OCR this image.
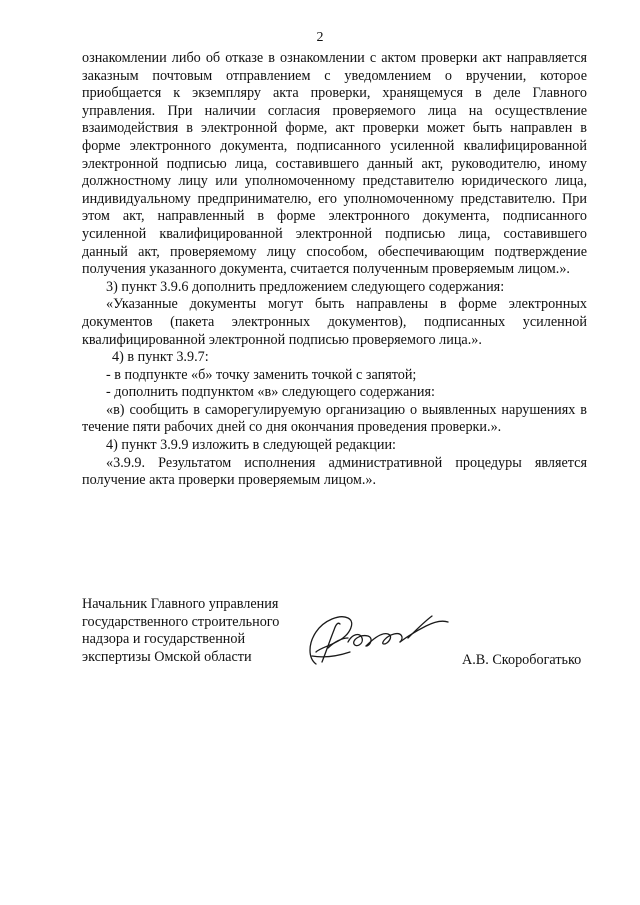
2

ознакомлении либо об отказе в ознакомлении с актом проверки акт направляется заказным почтовым отправлением с уведомлением о вручении, которое приобщается к экземпляру акта проверки, хранящемуся в деле Главного управления. При наличии согласия проверяемого лица на осуществление взаимодействия в электронной форме, акт проверки может быть направлен в форме электронного документа, подписанного усиленной квалифицированной электронной подписью лица, составившего данный акт, руководителю, иному должностному лицу или уполномоченному представителю юридического лица, индивидуальному предпринимателю, его уполномоченному представителю. При этом акт, направленный в форме электронного документа, подписанного усиленной квалифицированной электронной подписью лица, составившего данный акт, проверяемому лицу способом, обеспечивающим подтверждение получения указанного документа, считается полученным проверяемым лицом.».

3) пункт 3.9.6 дополнить предложением следующего содержания:

«Указанные документы могут быть направлены в форме электронных документов (пакета электронных документов), подписанных усиленной квалифицированной электронной подписью проверяемого лица.».

4) в пункт 3.9.7:

- в подпункте «б» точку заменить точкой с запятой;

- дополнить подпунктом «в» следующего содержания:

«в) сообщить в саморегулируемую организацию о выявленных нарушениях в течение пяти рабочих дней со дня окончания проведения проверки.».

4) пункт 3.9.9 изложить в следующей редакции:

«3.9.9. Результатом исполнения административной процедуры является получение акта проверки проверяемым лицом.».

Начальник Главного управления
государственного строительного
надзора и государственной
экспертизы Омской области	А.В. Скоробогатько
